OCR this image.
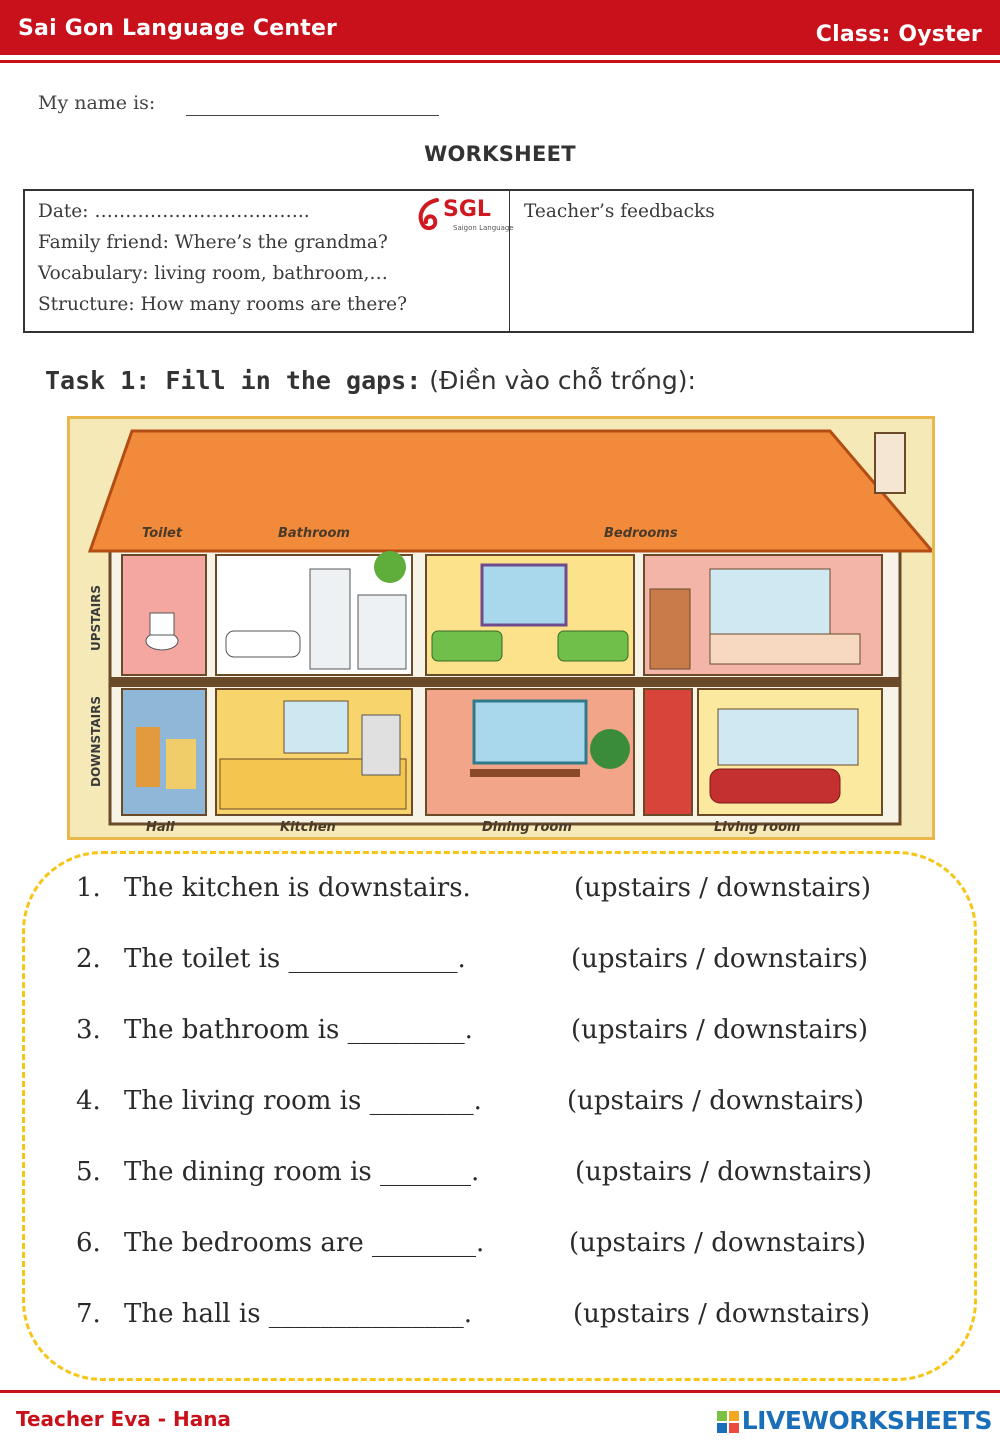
Sai Gon Language Center	Class: Oyster
My name is:
WORKSHEET
Date: ……………………………..
Family friend: Where’s the grandma?
Vocabulary: living room, bathroom,…
Structure: How many rooms are there?
SGL
Saigon Language
Teacher’s feedbacks
Task 1: Fill in the gaps: (Điền vào chỗ trống):
Toilet	Bathroom	Bedrooms
Hall	Kitchen	Dining room	Living room
UPSTAIRS
DOWNSTAIRS
1. The kitchen is downstairs.	(upstairs / downstairs)
2. The toilet is _____________.	(upstairs / downstairs)
3. The bathroom is _________.	(upstairs / downstairs)
4. The living room is ________.	(upstairs / downstairs)
5. The dining room is _______.	(upstairs / downstairs)
6. The bedrooms are ________.	(upstairs / downstairs)
7. The hall is _______________.	(upstairs / downstairs)
Teacher Eva - Hana	LIVEWORKSHEETS
